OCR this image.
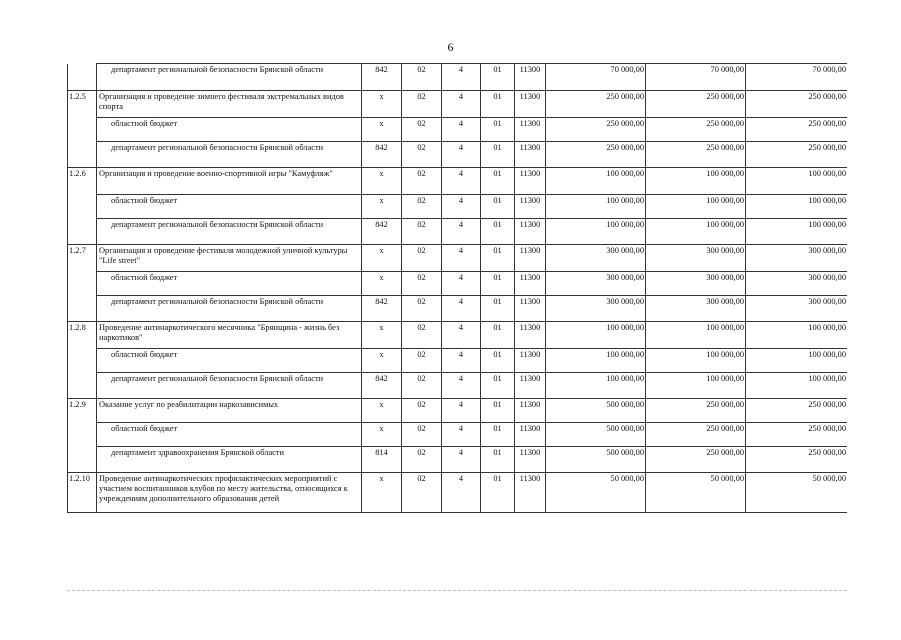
6
	департамент региональной безопасности Брянской области	842	02	4	01	11300	70 000,00	70 000,00	70 000,00
1.2.5	Организация и проведение зимнего фестиваля экстремальных видов спорта	х	02	4	01	11300	250 000,00	250 000,00	250 000,00
	областной бюджет	х	02	4	01	11300	250 000,00	250 000,00	250 000,00
	департамент региональной безопасности Брянской области	842	02	4	01	11300	250 000,00	250 000,00	250 000,00
1.2.6	Организация и проведение военно-спортивной игры "Камуфляж"	х	02	4	01	11300	100 000,00	100 000,00	100 000,00
	областной бюджет	х	02	4	01	11300	100 000,00	100 000,00	100 000,00
	департамент региональной безопасности Брянской области	842	02	4	01	11300	100 000,00	100 000,00	100 000,00
1.2.7	Организация и проведение фестиваля молодежной уличной культуры "Life street"	х	02	4	01	11300	300 000,00	300 000,00	300 000,00
	областной бюджет	х	02	4	01	11300	300 000,00	300 000,00	300 000,00
	департамент региональной безопасности Брянской области	842	02	4	01	11300	300 000,00	300 000,00	300 000,00
1.2.8	Проведение антинаркотического месячника "Брянщина - жизнь без наркотиков"	х	02	4	01	11300	100 000,00	100 000,00	100 000,00
	областной бюджет	х	02	4	01	11300	100 000,00	100 000,00	100 000,00
	департамент региональной безопасности Брянской области	842	02	4	01	11300	100 000,00	100 000,00	100 000,00
1.2.9	Оказание услуг по реабилитации наркозависимых	х	02	4	01	11300	500 000,00	250 000,00	250 000,00
	областной бюджет	х	02	4	01	11300	500 000,00	250 000,00	250 000,00
	департамент здравоохранения Брянской области	814	02	4	01	11300	500 000,00	250 000,00	250 000,00
1.2.10	Проведение антинаркотических профилактических мероприятий с участием воспитанников клубов по месту жительства, относящихся к учреждениям дополнительного образования детей	х	02	4	01	11300	50 000,00	50 000,00	50 000,00
